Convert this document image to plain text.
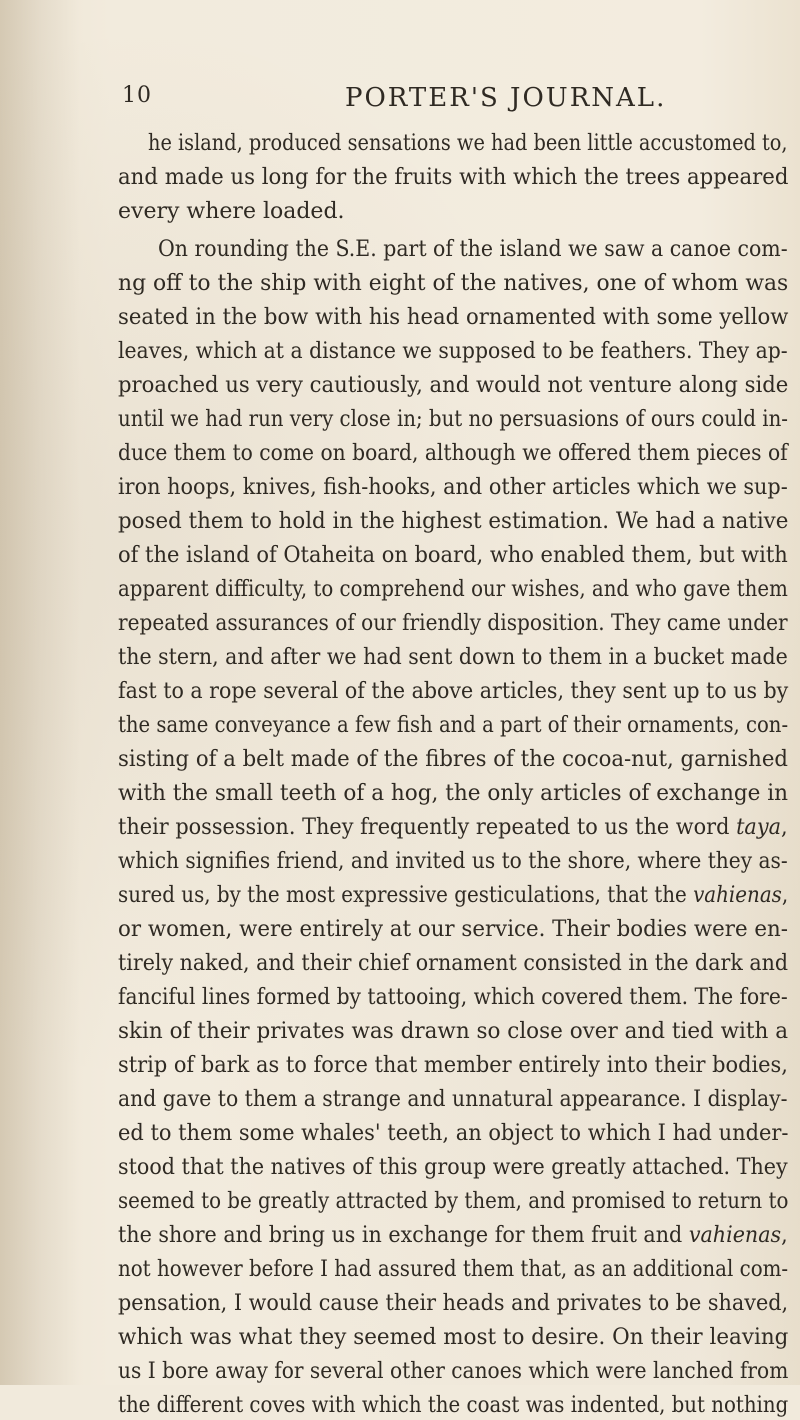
10	PORTER'S JOURNAL.
he island, produced sensations we had been little accustomed to,
and made us long for the fruits with which the trees appeared
every where loaded.
On rounding the S.E. part of the island we saw a canoe com-
ng off to the ship with eight of the natives, one of whom was
seated in the bow with his head ornamented with some yellow
leaves, which at a distance we supposed to be feathers. They ap-
proached us very cautiously, and would not venture along side
until we had run very close in; but no persuasions of ours could in-
duce them to come on board, although we offered them pieces of
iron hoops, knives, fish-hooks, and other articles which we sup-
posed them to hold in the highest estimation. We had a native
of the island of Otaheita on board, who enabled them, but with
apparent difficulty, to comprehend our wishes, and who gave them
repeated assurances of our friendly disposition. They came under
the stern, and after we had sent down to them in a bucket made
fast to a rope several of the above articles, they sent up to us by
the same conveyance a few fish and a part of their ornaments, con-
sisting of a belt made of the fibres of the cocoa-nut, garnished
with the small teeth of a hog, the only articles of exchange in
their possession. They frequently repeated to us the word taya,
which signifies friend, and invited us to the shore, where they as-
sured us, by the most expressive gesticulations, that the vahienas,
or women, were entirely at our service. Their bodies were en-
tirely naked, and their chief ornament consisted in the dark and
fanciful lines formed by tattooing, which covered them. The fore-
skin of their privates was drawn so close over and tied with a
strip of bark as to force that member entirely into their bodies,
and gave to them a strange and unnatural appearance. I display-
ed to them some whales' teeth, an object to which I had under-
stood that the natives of this group were greatly attached. They
seemed to be greatly attracted by them, and promised to return to
the shore and bring us in exchange for them fruit and vahienas,
not however before I had assured them that, as an additional com-
pensation, I would cause their heads and privates to be shaved,
which was what they seemed most to desire. On their leaving
us I bore away for several other canoes which were lanched from
the different coves with which the coast was indented, but nothing
